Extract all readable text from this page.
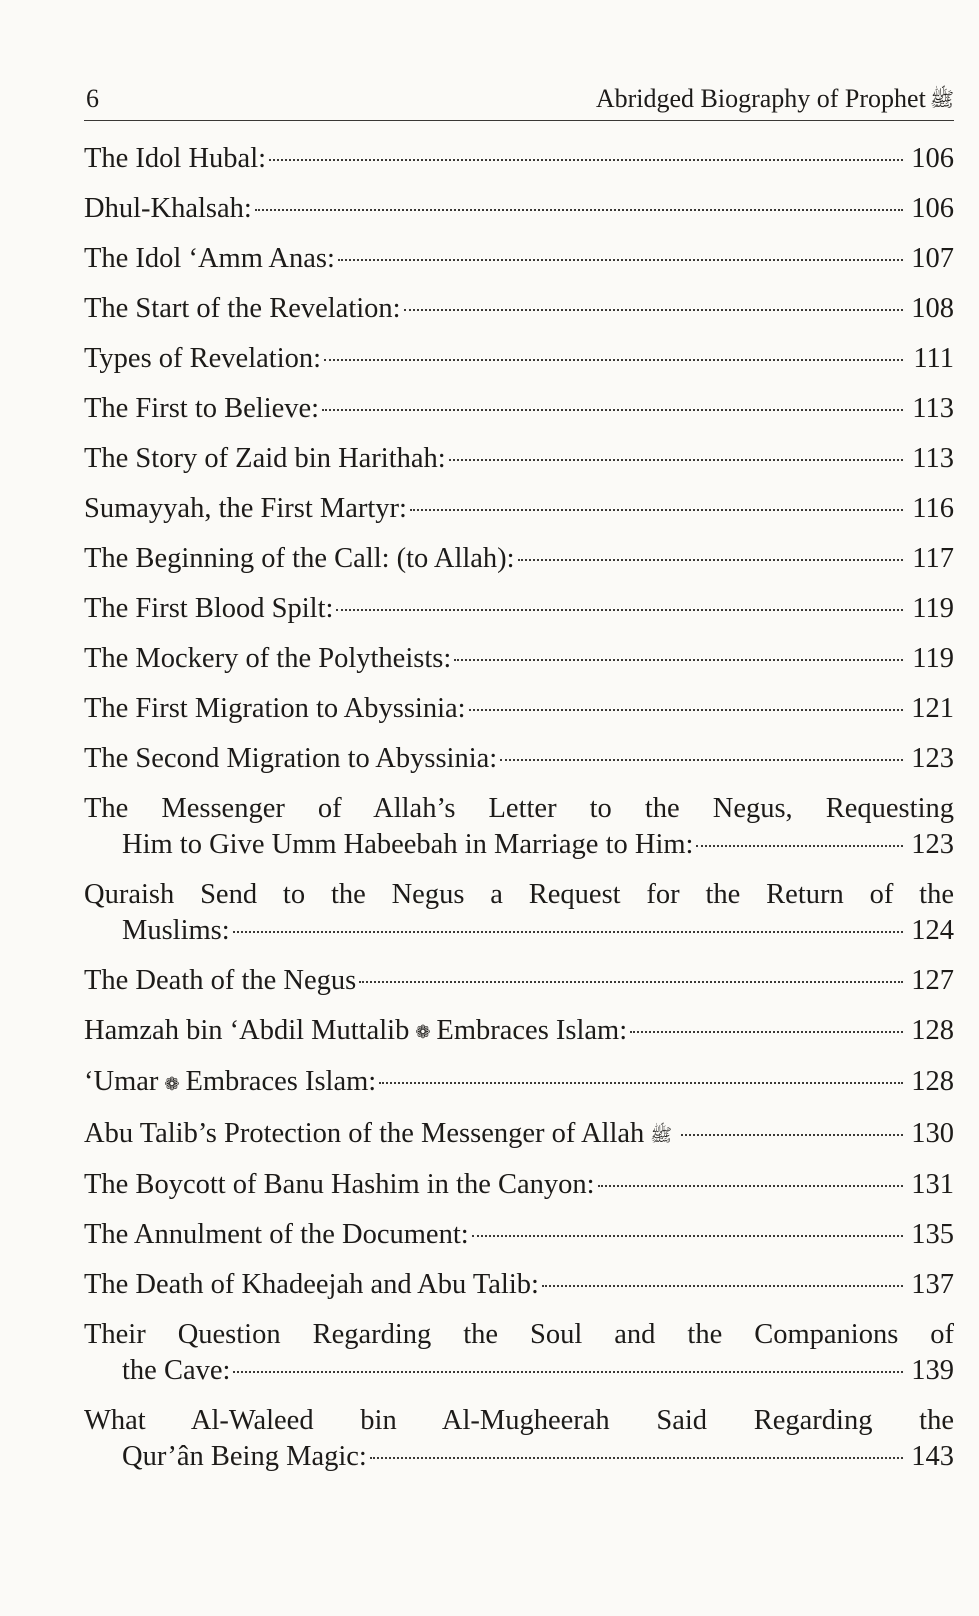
6	Abridged Biography of Prophet ﷺ
The Idol Hubal:	106
Dhul-Khalsah:	106
The Idol ‘Amm Anas:	107
The Start of the Revelation:	108
Types of Revelation:	111
The First to Believe:	113
The Story of Zaid bin Harithah:	113
Sumayyah, the First Martyr:	116
The Beginning of the Call: (to Allah):	117
The First Blood Spilt:	119
The Mockery of the Polytheists:	119
The First Migration to Abyssinia:	121
The Second Migration to Abyssinia:	123
The Messenger of Allah’s Letter to the Negus, Requesting
Him to Give Umm Habeebah in Marriage to Him:	123
Quraish Send to the Negus a Request for the Return of the
Muslims:	124
The Death of the Negus	127
Hamzah bin ‘Abdil Muttalib ❁ Embraces Islam:	128
‘Umar ❁ Embraces Islam:	128
Abu Talib’s Protection of the Messenger of Allah ﷺ	130
The Boycott of Banu Hashim in the Canyon:	131
The Annulment of the Document:	135
The Death of Khadeejah and Abu Talib:	137
Their Question Regarding the Soul and the Companions of
the Cave:	139
What Al-Waleed bin Al-Mugheerah Said Regarding the
Qur’ân Being Magic:	143
